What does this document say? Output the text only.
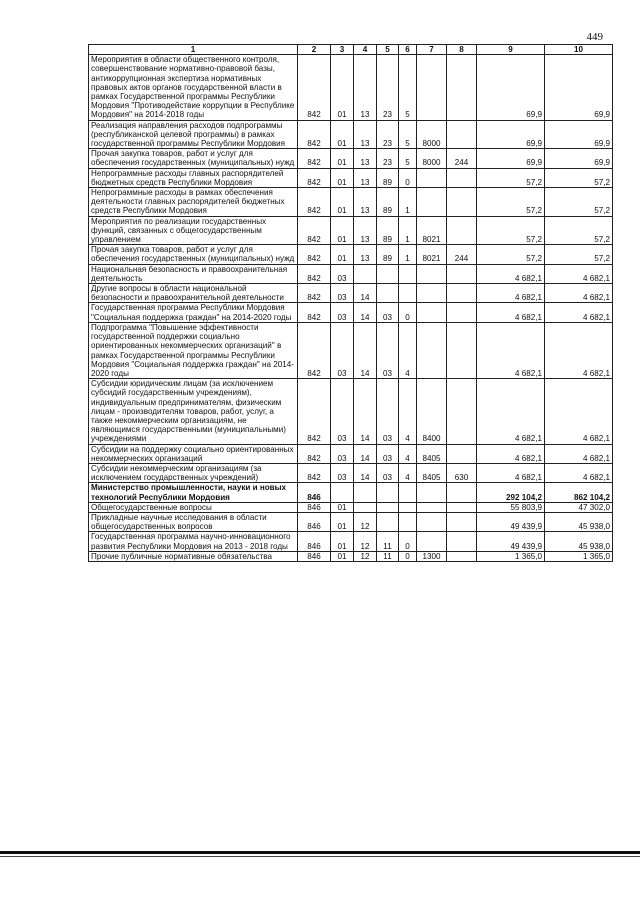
449
1	2	3	4	5	6	7	8	9	10
Мероприятия в области общественного контроля, совершенствование нормативно-правовой базы, антикоррупционная экспертиза нормативных правовых актов органов государственной власти в рамках Государственной программы Республики Мордовия "Противодействие коррупции в Республике Мордовия" на 2014-2018 годы	842	01	13	23	5			69,9	69,9
Реализация направления расходов подпрограммы (республиканской целевой программы) в рамках государственной программы Республики Мордовия	842	01	13	23	5	8000		69,9	69,9
Прочая закупка товаров, работ и услуг для обеспечения государственных (муниципальных) нужд	842	01	13	23	5	8000	244	69,9	69,9
Непрограммные расходы главных распорядителей бюджетных средств Республики Мордовия	842	01	13	89	0			57,2	57,2
Непрограммные расходы в рамках обеспечения деятельности главных распорядителей бюджетных средств Республики Мордовия	842	01	13	89	1			57,2	57,2
Мероприятия по реализации государственных функций, связанных с общегосударственным управлением	842	01	13	89	1	8021		57,2	57,2
Прочая закупка товаров, работ и услуг для обеспечения государственных (муниципальных) нужд	842	01	13	89	1	8021	244	57,2	57,2
Национальная безопасность и правоохранительная деятельность	842	03						4 682,1	4 682,1
Другие вопросы в области национальной безопасности и правоохранительной деятельности	842	03	14					4 682,1	4 682,1
Государственная программа Республики Мордовия "Социальная поддержка граждан" на 2014-2020 годы	842	03	14	03	0			4 682,1	4 682,1
Подпрограмма "Повышение эффективности государственной поддержки социально ориентированных некоммерческих организаций" в рамках Государственной программы Республики Мордовия "Социальная поддержка граждан" на 2014-2020 годы	842	03	14	03	4			4 682,1	4 682,1
Субсидии юридическим лицам (за исключением субсидий государственным учреждениям), индивидуальным предпринимателям, физическим лицам - производителям товаров, работ, услуг, а также некоммерческим организациям, не являющимся государственными (муниципальными) учреждениями	842	03	14	03	4	8400		4 682,1	4 682,1
Субсидии на поддержку социально ориентированных некоммерческих организаций	842	03	14	03	4	8405		4 682,1	4 682,1
Субсидии некоммерческим организациям (за исключением государственных учреждений)	842	03	14	03	4	8405	630	4 682,1	4 682,1
Министерство промышленности, науки и новых технологий Республики Мордовия	846							292 104,2	862 104,2
Общегосударственные вопросы	846	01						55 803,9	47 302,0
Прикладные научные исследования в области общегосударственных вопросов	846	01	12					49 439,9	45 938,0
Государственная программа научно-инновационного развития Республики Мордовия на 2013 - 2018 годы	846	01	12	11	0			49 439,9	45 938,0
Прочие публичные нормативные обязательства	846	01	12	11	0	1300		1 365,0	1 365,0
